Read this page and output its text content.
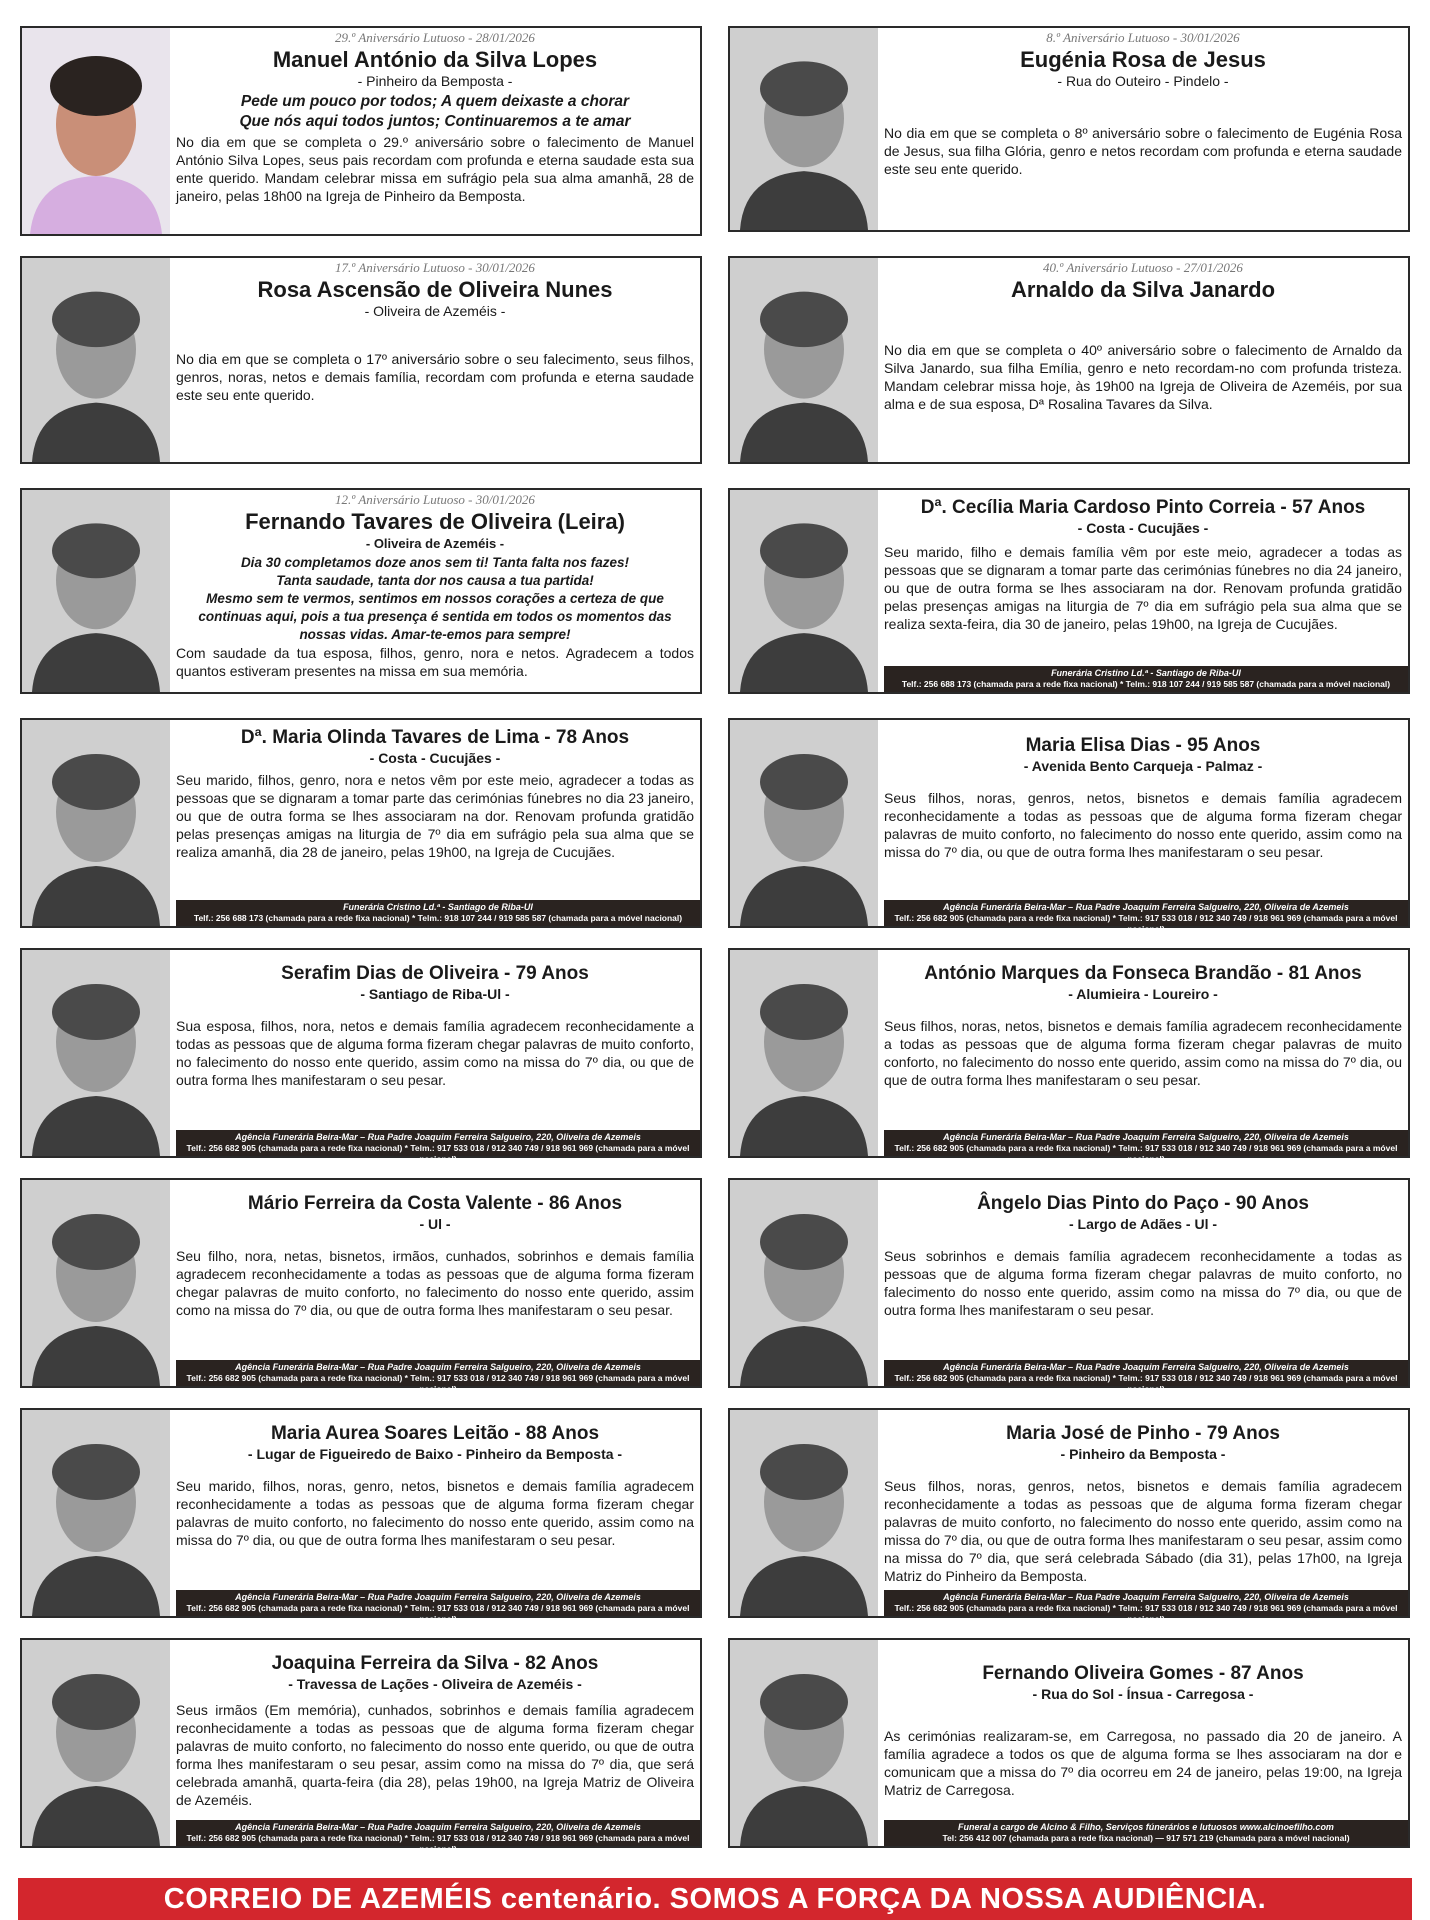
29.º Aniversário Lutuoso - 28/01/2026
Manuel António da Silva Lopes
- Pinheiro da Bemposta -
Pede um pouco por todos; A quem deixaste a chorar
Que nós aqui todos juntos; Continuaremos a te amar
No dia em que se completa o 29.º aniversário sobre o falecimento de Manuel António Silva Lopes, seus pais recordam com profunda e eterna saudade esta sua ente querido. Mandam celebrar missa em sufrágio pela sua alma amanhã, 28 de janeiro, pelas 18h00 na Igreja de Pinheiro da Bemposta.
8.º Aniversário Lutuoso - 30/01/2026
Eugénia Rosa de Jesus
- Rua do Outeiro - Pindelo -
No dia em que se completa o 8º aniversário sobre o falecimento de Eugénia Rosa de Jesus, sua filha Glória, genro e netos recordam com profunda e eterna saudade este seu ente querido.
17.º Aniversário Lutuoso - 30/01/2026
Rosa Ascensão de Oliveira Nunes
- Oliveira de Azeméis -
No dia em que se completa o 17º aniversário sobre o seu falecimento, seus filhos, genros, noras, netos e demais família, recordam com profunda e eterna saudade este seu ente querido.
40.º Aniversário Lutuoso - 27/01/2026
Arnaldo da Silva Janardo
No dia em que se completa o 40º aniversário sobre o falecimento de Arnaldo da Silva Janardo, sua filha Emília, genro e neto recordam-no com profunda tristeza. Mandam celebrar missa hoje, às 19h00 na Igreja de Oliveira de Azeméis, por sua alma e de sua esposa, Dª Rosalina Tavares da Silva.
12.º Aniversário Lutuoso - 30/01/2026
Fernando Tavares de Oliveira (Leira)
- Oliveira de Azeméis -
Dia 30 completamos doze anos sem ti! Tanta falta nos fazes!
Tanta saudade, tanta dor nos causa a tua partida!
Mesmo sem te vermos, sentimos em nossos corações a certeza de que continuas aqui, pois a tua presença é sentida em todos os momentos das nossas vidas. Amar-te-emos para sempre!
Com saudade da tua esposa, filhos, genro, nora e netos. Agradecem a todos quantos estiveram presentes na missa em sua memória.
Dª. Cecília Maria Cardoso Pinto Correia - 57 Anos
- Costa - Cucujães -
Seu marido, filho e demais família vêm por este meio, agradecer a todas as pessoas que se dignaram a tomar parte das cerimónias fúnebres no dia 24 janeiro, ou que de outra forma se lhes associaram na dor. Renovam profunda gratidão pelas presenças amigas na liturgia de 7º dia em sufrágio pela sua alma que se realiza sexta-feira, dia 30 de janeiro, pelas 19h00, na Igreja de Cucujães.
Funerária Cristino Ld.ª - Santiago de Riba-Ul
Telf.: 256 688 173 (chamada para a rede fixa nacional) * Telm.: 918 107 244 / 919 585 587 (chamada para a móvel nacional)
Dª. Maria Olinda Tavares de Lima - 78 Anos
- Costa - Cucujães -
Seu marido, filhos, genro, nora e netos vêm por este meio, agradecer a todas as pessoas que se dignaram a tomar parte das cerimónias fúnebres no dia 23 janeiro, ou que de outra forma se lhes associaram na dor. Renovam profunda gratidão pelas presenças amigas na liturgia de 7º dia em sufrágio pela sua alma que se realiza amanhã, dia 28 de janeiro, pelas 19h00, na Igreja de Cucujães.
Funerária Cristino Ld.ª - Santiago de Riba-Ul
Telf.: 256 688 173 (chamada para a rede fixa nacional) * Telm.: 918 107 244 / 919 585 587 (chamada para a móvel nacional)
Maria Elisa Dias - 95 Anos
- Avenida Bento Carqueja - Palmaz -
Seus filhos, noras, genros, netos, bisnetos e demais família agradecem reconhecidamente a todas as pessoas que de alguma forma fizeram chegar palavras de muito conforto, no falecimento do nosso ente querido, assim como na missa do 7º dia, ou que de outra forma lhes manifestaram o seu pesar.
Agência Funerária Beira-Mar – Rua Padre Joaquim Ferreira Salgueiro, 220, Oliveira de Azemeis
Telf.: 256 682 905 (chamada para a rede fixa nacional) * Telm.: 917 533 018 / 912 340 749 / 918 961 969 (chamada para a móvel nacional)
Serafim Dias de Oliveira - 79 Anos
- Santiago de Riba-Ul -
Sua esposa, filhos, nora, netos e demais família agradecem reconhecidamente a todas as pessoas que de alguma forma fizeram chegar palavras de muito conforto, no falecimento do nosso ente querido, assim como na missa do 7º dia, ou que de outra forma lhes manifestaram o seu pesar.
Agência Funerária Beira-Mar – Rua Padre Joaquim Ferreira Salgueiro, 220, Oliveira de Azemeis
Telf.: 256 682 905 (chamada para a rede fixa nacional) * Telm.: 917 533 018 / 912 340 749 / 918 961 969 (chamada para a móvel nacional)
António Marques da Fonseca Brandão - 81 Anos
- Alumieira - Loureiro -
Seus filhos, noras, netos, bisnetos e demais família agradecem reconhecidamente a todas as pessoas que de alguma forma fizeram chegar palavras de muito conforto, no falecimento do nosso ente querido, assim como na missa do 7º dia, ou que de outra forma lhes manifestaram o seu pesar.
Agência Funerária Beira-Mar – Rua Padre Joaquim Ferreira Salgueiro, 220, Oliveira de Azemeis
Telf.: 256 682 905 (chamada para a rede fixa nacional) * Telm.: 917 533 018 / 912 340 749 / 918 961 969 (chamada para a móvel nacional)
Mário Ferreira da Costa Valente - 86 Anos
- Ul -
Seu filho, nora, netas, bisnetos, irmãos, cunhados, sobrinhos e demais família agradecem reconhecidamente a todas as pessoas que de alguma forma fizeram chegar palavras de muito conforto, no falecimento do nosso ente querido, assim como na missa do 7º dia, ou que de outra forma lhes manifestaram o seu pesar.
Agência Funerária Beira-Mar – Rua Padre Joaquim Ferreira Salgueiro, 220, Oliveira de Azemeis
Telf.: 256 682 905 (chamada para a rede fixa nacional) * Telm.: 917 533 018 / 912 340 749 / 918 961 969 (chamada para a móvel nacional)
Ângelo Dias Pinto do Paço - 90 Anos
- Largo de Adães - Ul -
Seus sobrinhos e demais família agradecem reconhecidamente a todas as pessoas que de alguma forma fizeram chegar palavras de muito conforto, no falecimento do nosso ente querido, assim como na missa do 7º dia, ou que de outra forma lhes manifestaram o seu pesar.
Agência Funerária Beira-Mar – Rua Padre Joaquim Ferreira Salgueiro, 220, Oliveira de Azemeis
Telf.: 256 682 905 (chamada para a rede fixa nacional) * Telm.: 917 533 018 / 912 340 749 / 918 961 969 (chamada para a móvel nacional)
Maria Aurea Soares Leitão - 88 Anos
- Lugar de Figueiredo de Baixo - Pinheiro da Bemposta -
Seu marido, filhos, noras, genro, netos, bisnetos e demais família agradecem reconhecidamente a todas as pessoas que de alguma forma fizeram chegar palavras de muito conforto, no falecimento do nosso ente querido, assim como na missa do 7º dia, ou que de outra forma lhes manifestaram o seu pesar.
Agência Funerária Beira-Mar – Rua Padre Joaquim Ferreira Salgueiro, 220, Oliveira de Azemeis
Telf.: 256 682 905 (chamada para a rede fixa nacional) * Telm.: 917 533 018 / 912 340 749 / 918 961 969 (chamada para a móvel nacional)
Maria José de Pinho - 79 Anos
- Pinheiro da Bemposta -
Seus filhos, noras, genros, netos, bisnetos e demais família agradecem reconhecidamente a todas as pessoas que de alguma forma fizeram chegar palavras de muito conforto, no falecimento do nosso ente querido, assim como na missa do 7º dia, ou que de outra forma lhes manifestaram o seu pesar, assim como na missa do 7º dia, que será celebrada Sábado (dia 31), pelas 17h00, na Igreja Matriz do Pinheiro da Bemposta.
Agência Funerária Beira-Mar – Rua Padre Joaquim Ferreira Salgueiro, 220, Oliveira de Azemeis
Telf.: 256 682 905 (chamada para a rede fixa nacional) * Telm.: 917 533 018 / 912 340 749 / 918 961 969 (chamada para a móvel nacional)
Joaquina Ferreira da Silva - 82 Anos
- Travessa de Lações - Oliveira de Azeméis -
Seus irmãos (Em memória), cunhados, sobrinhos e demais família agradecem reconhecidamente a todas as pessoas que de alguma forma fizeram chegar palavras de muito conforto, no falecimento do nosso ente querido, ou que de outra forma lhes manifestaram o seu pesar, assim como na missa do 7º dia, que será celebrada amanhã, quarta-feira (dia 28), pelas 19h00, na Igreja Matriz de Oliveira de Azeméis.
Agência Funerária Beira-Mar – Rua Padre Joaquim Ferreira Salgueiro, 220, Oliveira de Azemeis
Telf.: 256 682 905 (chamada para a rede fixa nacional) * Telm.: 917 533 018 / 912 340 749 / 918 961 969 (chamada para a móvel nacional)
Fernando Oliveira Gomes - 87 Anos
- Rua do Sol - Ínsua - Carregosa -
As cerimónias realizaram-se, em Carregosa, no passado dia 20 de janeiro. A família agradece a todos os que de alguma forma se lhes associaram na dor e comunicam que a missa do 7º dia ocorreu em 24 de janeiro, pelas 19:00, na Igreja Matriz de Carregosa.
Funeral a cargo de Alcino & Filho, Serviços fúnerários e lutuosos www.alcinoefilho.com
Tel: 256 412 007 (chamada para a rede fixa nacional) — 917 571 219 (chamada para a móvel nacional)
CORREIO DE AZEMÉIS centenário. SOMOS A FORÇA DA NOSSA AUDIÊNCIA.
